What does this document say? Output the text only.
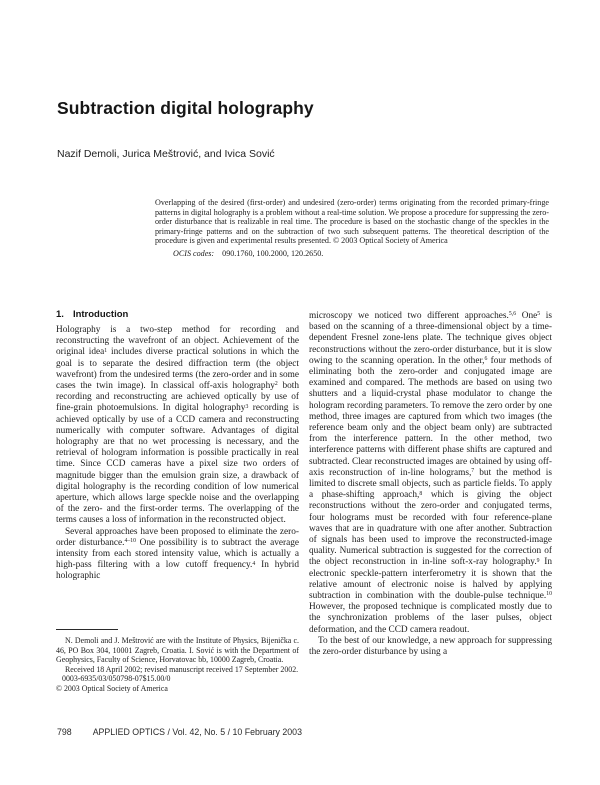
Subtraction digital holography
Nazif Demoli, Jurica Meštrović, and Ivica Sović
Overlapping of the desired (first-order) and undesired (zero-order) terms originating from the recorded primary-fringe patterns in digital holography is a problem without a real-time solution. We propose a procedure for suppressing the zero-order disturbance that is realizable in real time. The procedure is based on the stochastic change of the speckles in the primary-fringe patterns and on the subtraction of two such subsequent patterns. The theoretical description of the procedure is given and experimental results presented. © 2003 Optical Society of America
OCIS codes: 090.1760, 100.2000, 120.2650.
1. Introduction

Holography is a two-step method for recording and reconstructing the wavefront of an object. Achievement of the original idea$^1$ includes diverse practical solutions in which the goal is to separate the desired diffraction term (the object wavefront) from the undesired terms (the zero-order and in some cases the twin image). In classical off-axis holography$^2$ both recording and reconstructing are achieved optically by use of fine-grain photoemulsions. In digital holography$^3$ recording is achieved optically by use of a CCD camera and reconstructing numerically with computer software. Advantages of digital holography are that no wet processing is necessary, and the retrieval of hologram information is possible practically in real time. Since CCD cameras have a pixel size two orders of magnitude bigger than the emulsion grain size, a drawback of digital holography is the recording condition of low numerical aperture, which allows large speckle noise and the overlapping of the zero- and the first-order terms. The overlapping of the terms causes a loss of information in the reconstructed object.

Several approaches have been proposed to eliminate the zero-order disturbance.$^{4-10}$ One possibility is to subtract the average intensity from each stored intensity value, which is actually a high-pass filtering with a low cutoff frequency.$^4$ In hybrid holographic

microscopy we noticed two different approaches.$^{5,6}$ One$^5$ is based on the scanning of a three-dimensional object by a time-dependent Fresnel zone-lens plate. The technique gives object reconstructions without the zero-order disturbance, but it is slow owing to the scanning operation. In the other,$^6$ four methods of eliminating both the zero-order and conjugated image are examined and compared. The methods are based on using two shutters and a liquid-crystal phase modulator to change the hologram recording parameters. To remove the zero order by one method, three images are captured from which two images (the reference beam only and the object beam only) are subtracted from the interference pattern. In the other method, two interference patterns with different phase shifts are captured and subtracted. Clear reconstructed images are obtained by using off-axis reconstruction of in-line holograms,$^7$ but the method is limited to discrete small objects, such as particle fields. To apply a phase-shifting approach,$^8$ which is giving the object reconstructions without the zero-order and conjugated terms, four holograms must be recorded with four reference-plane waves that are in quadrature with one after another. Subtraction of signals has been used to improve the reconstructed-image quality. Numerical subtraction is suggested for the correction of the object reconstruction in in-line soft-x-ray holography.$^9$ In electronic speckle-pattern interferometry it is shown that the relative amount of electronic noise is halved by applying subtraction in combination with the double-pulse technique.$^{10}$ However, the proposed technique is complicated mostly due to the synchronization problems of the laser pulses, object deformation, and the CCD camera readout.

To the best of our knowledge, a new approach for suppressing the zero-order disturbance by using a

N. Demoli and J. Meštrović are with the Institute of Physics, Bijenička c. 46, PO Box 304, 10001 Zagreb, Croatia. I. Sović is with the Department of Geophysics, Faculty of Science, Horvatovac bb, 10000 Zagreb, Croatia.

Received 18 April 2002; revised manuscript received 17 September 2002.

0003-6935/03/050798-07$15.00/0

© 2003 Optical Society of America

798 APPLIED OPTICS / Vol. 42, No. 5 / 10 February 2003
